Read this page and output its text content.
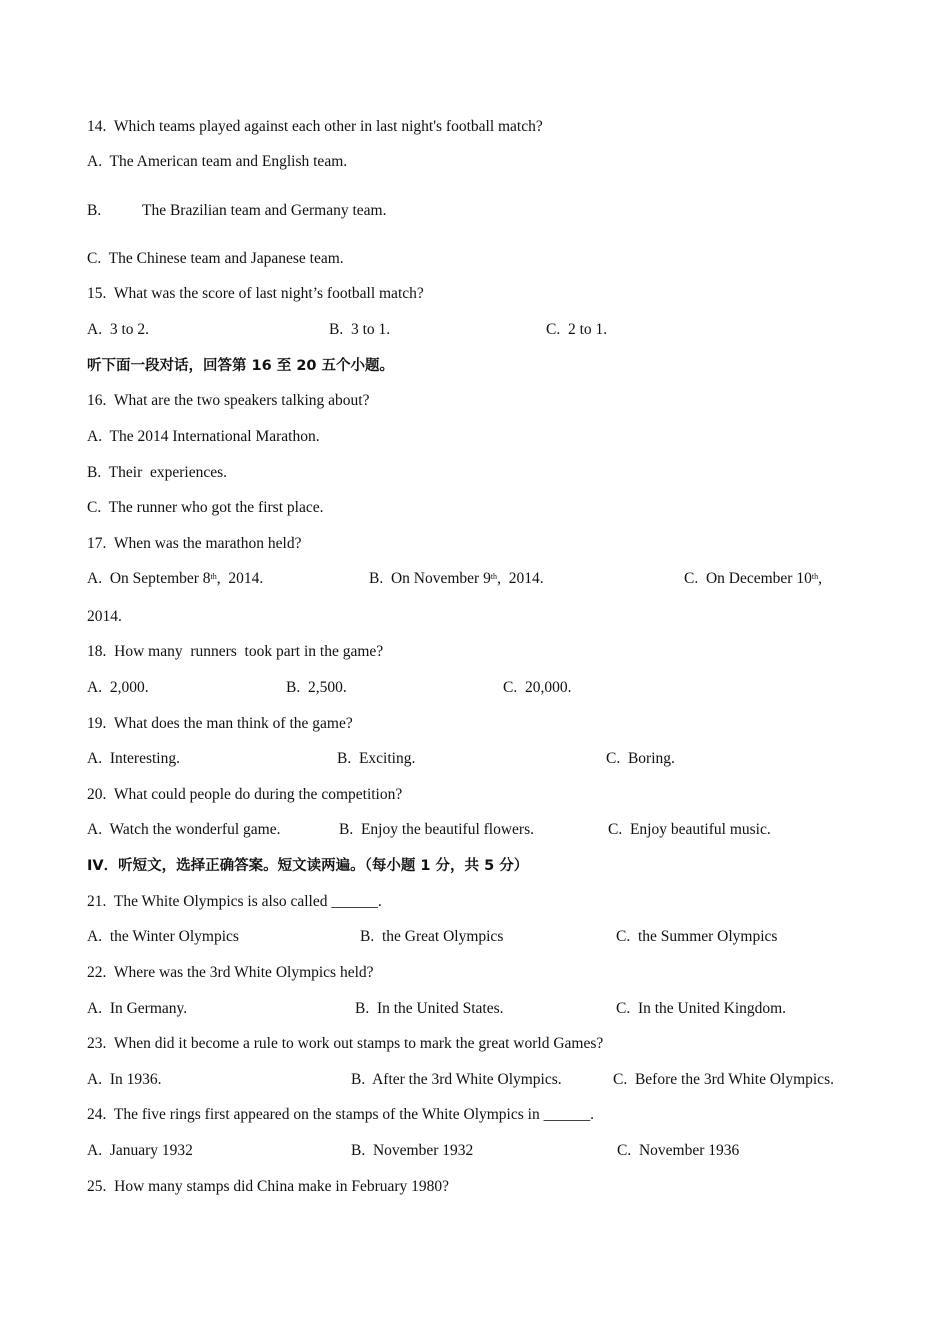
14.  Which teams played against each other in last night's football match?
A.  The American team and English team.
B.	The Brazilian team and Germany team.
C.  The Chinese team and Japanese team.
15.  What was the score of last night’s football match?
A.  3 to 2.	B.  3 to 1.	C.  2 to 1.
听下面一段对话，回答第 16 至 20 五个小题。
16.  What are the two speakers talking about?
A.  The 2014 International Marathon.
B.  Their  experiences.
C.  The runner who got the first place.
17.  When was the marathon held?
A.  On September 8th,  2014.	B.  On November 9th,  2014.	C.  On December 10th,
2014.
18.  How many  runners  took part in the game?
A.  2,000.	B.  2,500.	C.  20,000.
19.  What does the man think of the game?
A.  Interesting.	B.  Exciting.	C.  Boring.
20.  What could people do during the competition?
A.  Watch the wonderful game.	B.  Enjoy the beautiful flowers.	C.  Enjoy beautiful music.
IV．听短文，选择正确答案。短文读两遍。（每小题 1 分，共 5 分）
21.  The White Olympics is also called ______.
A.  the Winter Olympics	B.  the Great Olympics	C.  the Summer Olympics
22.  Where was the 3rd White Olympics held?
A.  In Germany.	B.  In the United States.	C.  In the United Kingdom.
23.  When did it become a rule to work out stamps to mark the great world Games?
A.  In 1936.	B.  After the 3rd White Olympics.	C.  Before the 3rd White Olympics.
24.  The five rings first appeared on the stamps of the White Olympics in ______.
A.  January 1932	B.  November 1932	C.  November 1936
25.  How many stamps did China make in February 1980?
